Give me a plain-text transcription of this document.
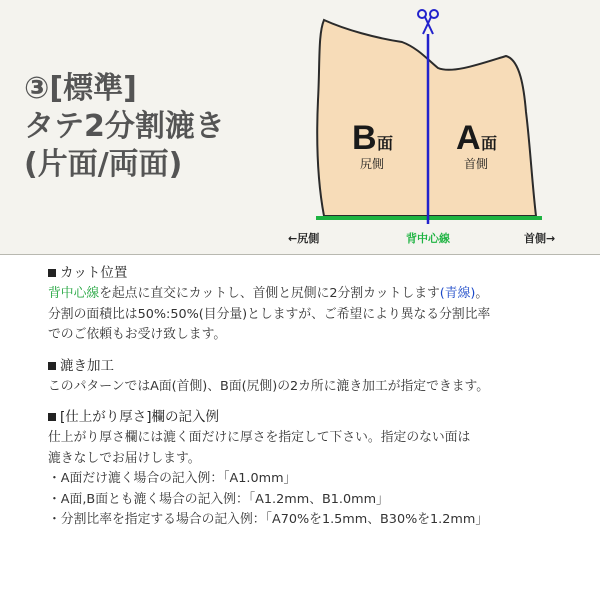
③[標準]
タテ2分割漉き
(片面/両面)
B 面
尻側
A 面
首側
←尻側	背中心線	首側→
カット位置

背中心線を起点に直交にカットし、首側と尻側に2分割カットします(青線)。

分割の面積比は50%:50%(目分量)としますが、ご希望により異なる分割比率

でのご依頼もお受け致します。

漉き加工

このパターンではA面(首側)、B面(尻側)の2カ所に漉き加工が指定できます。

[仕上がり厚さ]欄の記入例

仕上がり厚さ欄には漉く面だけに厚さを指定して下さい。指定のない面は

漉きなしでお届けします。

・A面だけ漉く場合の記入例：「A1.0mm」

・A面,B面とも漉く場合の記入例：「A1.2mm、B1.0mm」

・分割比率を指定する場合の記入例：「A70%を1.5mm、B30%を1.2mm」
